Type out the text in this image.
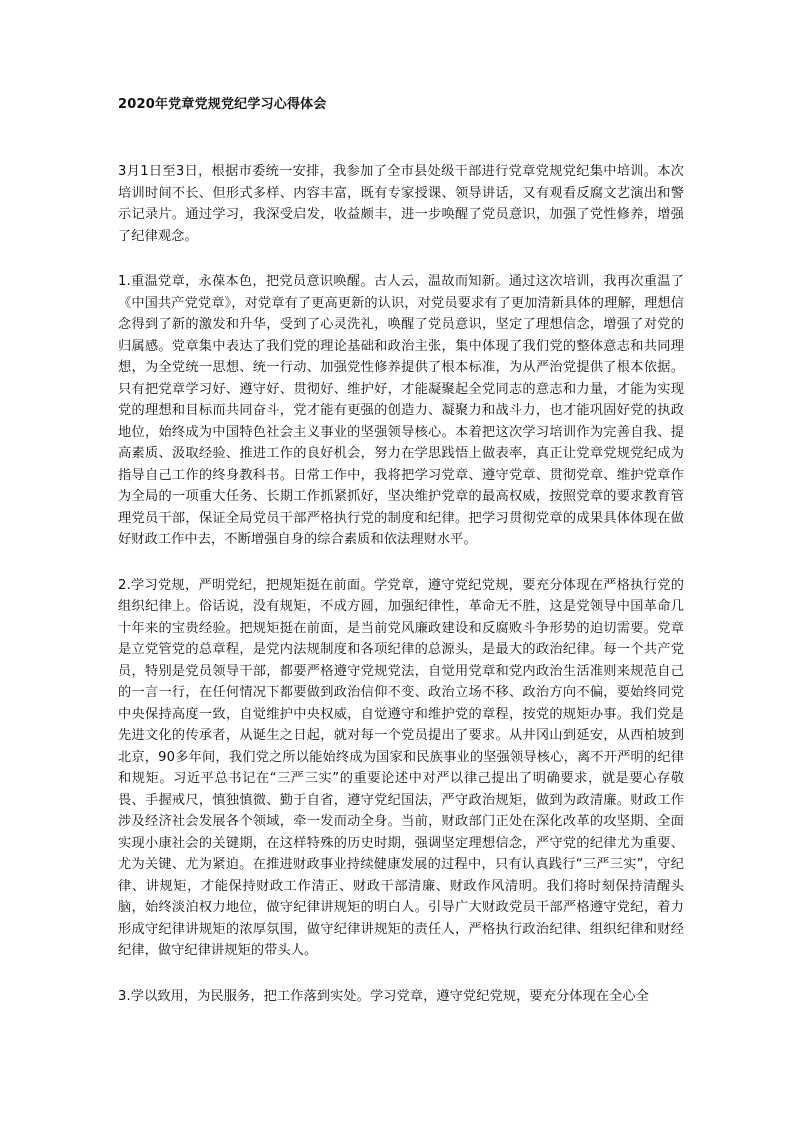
2020年党章党规党纪学习心得体会

3月1日至3日，根据市委统一安排，我参加了全市县处级干部进行党章党规党纪集中培训。本次培训时间不长、但形式多样、内容丰富，既有专家授课、领导讲话，又有观看反腐文艺演出和警示记录片。通过学习，我深受启发，收益颇丰，进一步唤醒了党员意识，加强了党性修养，增强了纪律观念。

1.重温党章，永葆本色，把党员意识唤醒。古人云，温故而知新。通过这次培训，我再次重温了《中国共产党党章》，对党章有了更高更新的认识，对党员要求有了更加清新具体的理解，理想信念得到了新的激发和升华，受到了心灵洗礼，唤醒了党员意识，坚定了理想信念，增强了对党的归属感。党章集中表达了我们党的理论基础和政治主张，集中体现了我们党的整体意志和共同理想，为全党统一思想、统一行动、加强党性修养提供了根本标准，为从严治党提供了根本依据。只有把党章学习好、遵守好、贯彻好、维护好，才能凝聚起全党同志的意志和力量，才能为实现党的理想和目标而共同奋斗，党才能有更强的创造力、凝聚力和战斗力，也才能巩固好党的执政地位，始终成为中国特色社会主义事业的坚强领导核心。本着把这次学习培训作为完善自我、提高素质、汲取经验、推进工作的良好机会，努力在学思践悟上做表率，真正让党章党规党纪成为指导自己工作的终身教科书。日常工作中，我将把学习党章、遵守党章、贯彻党章、维护党章作为全局的一项重大任务、长期工作抓紧抓好，坚决维护党章的最高权威，按照党章的要求教育管理党员干部，保证全局党员干部严格执行党的制度和纪律。把学习贯彻党章的成果具体体现在做好财政工作中去，不断增强自身的综合素质和依法理财水平。

2.学习党规，严明党纪，把规矩挺在前面。学党章，遵守党纪党规，要充分体现在严格执行党的组织纪律上。俗话说，没有规矩，不成方圆，加强纪律性，革命无不胜，这是党领导中国革命几十年来的宝贵经验。把规矩挺在前面，是当前党风廉政建设和反腐败斗争形势的迫切需要。党章是立党管党的总章程，是党内法规制度和各项纪律的总源头，是最大的政治纪律。每一个共产党员，特别是党员领导干部，都要严格遵守党规党法，自觉用党章和党内政治生活准则来规范自己的一言一行，在任何情况下都要做到政治信仰不变、政治立场不移、政治方向不偏，要始终同党中央保持高度一致，自觉维护中央权威，自觉遵守和维护党的章程，按党的规矩办事。我们党是先进文化的传承者，从诞生之日起，就对每一个党员提出了要求。从井冈山到延安，从西柏坡到北京，90多年间，我们党之所以能始终成为国家和民族事业的坚强领导核心，离不开严明的纪律和规矩。习近平总书记在“三严三实”的重要论述中对严以律己提出了明确要求，就是要心存敬畏、手握戒尺，慎独慎微、勤于自省，遵守党纪国法，严守政治规矩，做到为政清廉。财政工作涉及经济社会发展各个领域，牵一发而动全身。当前，财政部门正处在深化改革的攻坚期、全面实现小康社会的关键期，在这样特殊的历史时期，强调坚定理想信念，严守党的纪律尤为重要、尤为关键、尤为紧迫。在推进财政事业持续健康发展的过程中，只有认真践行“三严三实”，守纪律、讲规矩，才能保持财政工作清正、财政干部清廉、财政作风清明。我们将时刻保持清醒头脑，始终淡泊权力地位，做守纪律讲规矩的明白人。引导广大财政党员干部严格遵守党纪，着力形成守纪律讲规矩的浓厚氛围，做守纪律讲规矩的责任人，严格执行政治纪律、组织纪律和财经纪律，做守纪律讲规矩的带头人。

3.学以致用，为民服务，把工作落到实处。学习党章，遵守党纪党规，要充分体现在全心全
